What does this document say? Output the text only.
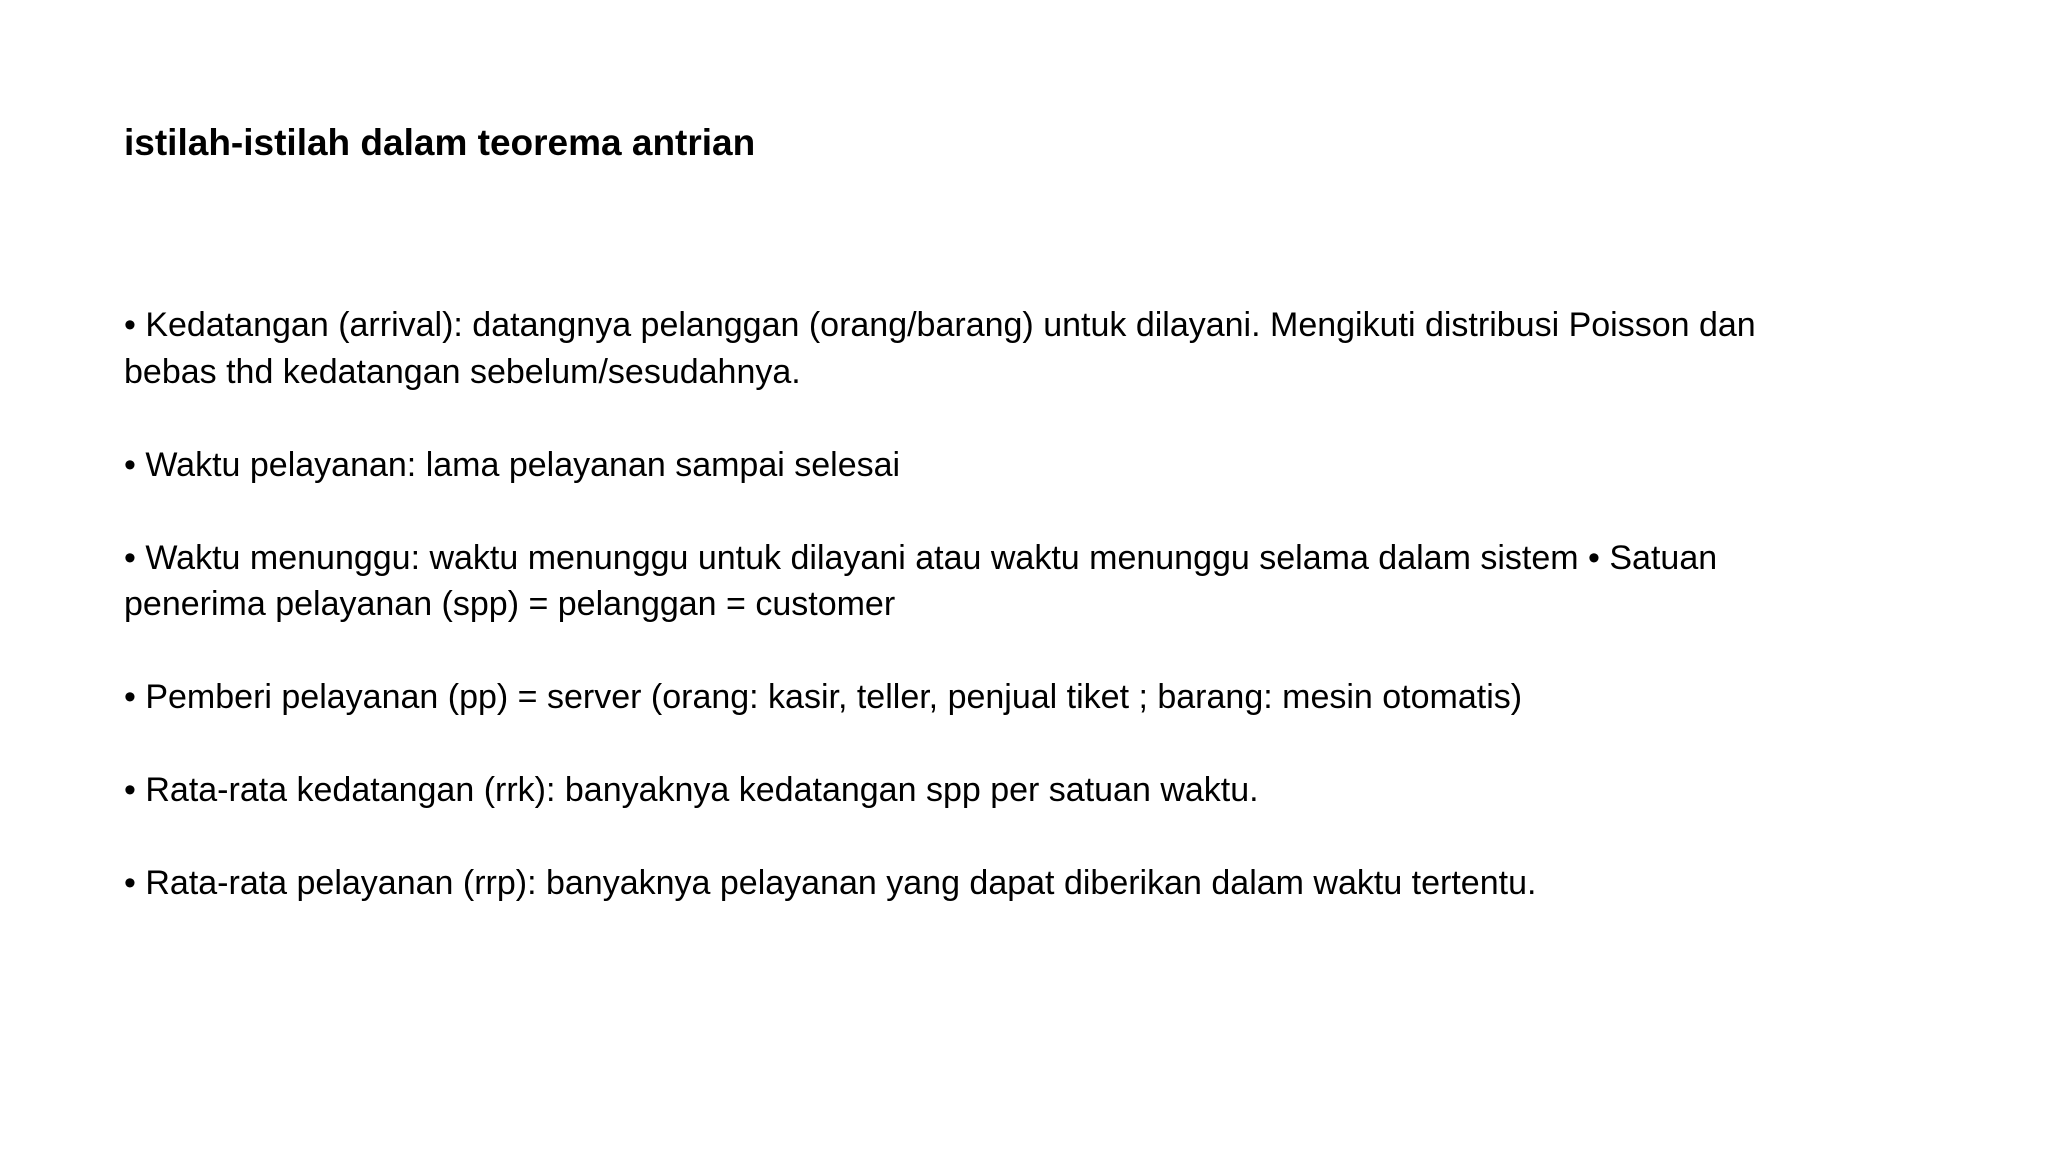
istilah-istilah dalam teorema antrian
• Kedatangan (arrival): datangnya pelanggan (orang/barang) untuk dilayani. Mengikuti distribusi Poisson dan
bebas thd kedatangan sebelum/sesudahnya.
• Waktu pelayanan: lama pelayanan sampai selesai
• Waktu menunggu: waktu menunggu untuk dilayani atau waktu menunggu selama dalam sistem • Satuan
penerima pelayanan (spp) = pelanggan = customer
• Pemberi pelayanan (pp) = server (orang: kasir, teller, penjual tiket ; barang: mesin otomatis)
• Rata-rata kedatangan (rrk): banyaknya kedatangan spp per satuan waktu.
• Rata-rata pelayanan (rrp): banyaknya pelayanan yang dapat diberikan dalam waktu tertentu.
